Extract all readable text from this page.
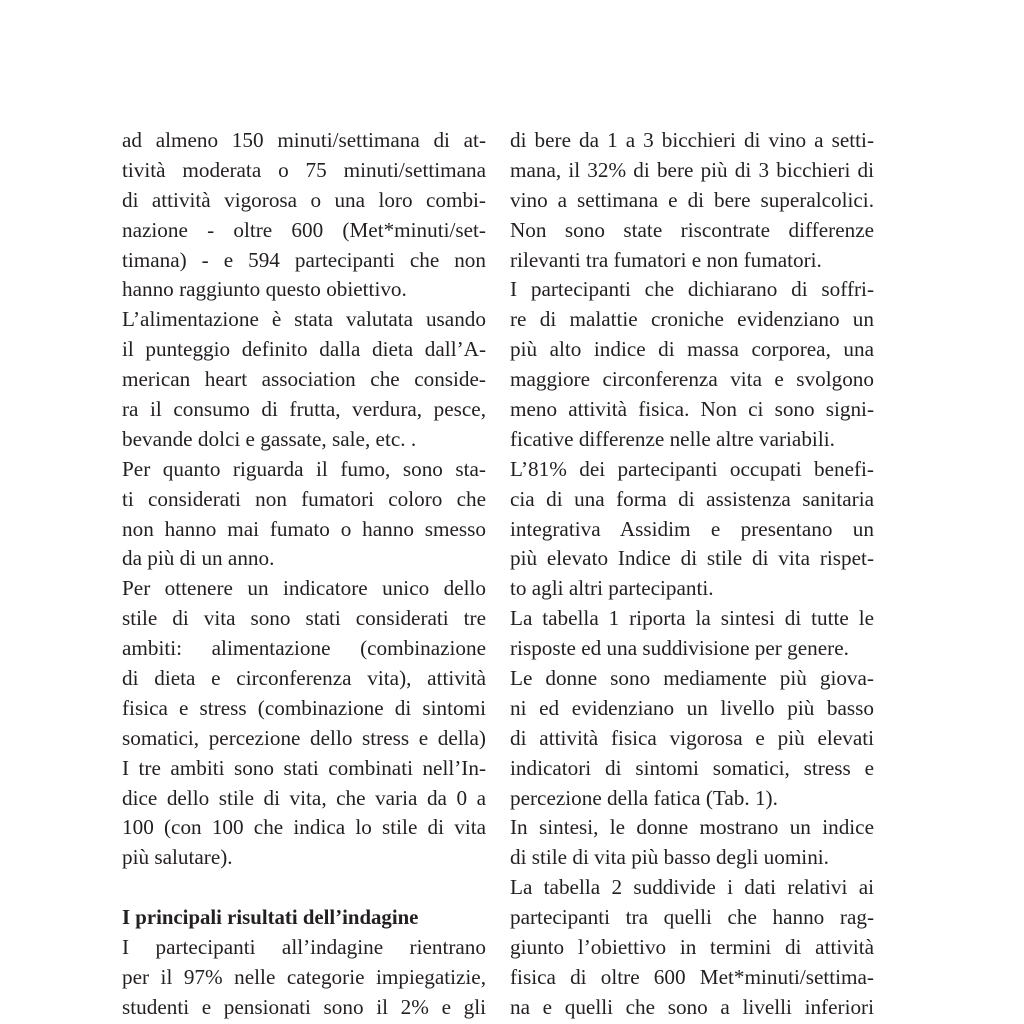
ad almeno 150 minuti/settimana di at-
tività moderata o 75 minuti/settimana
di attività vigorosa o una loro combi-
nazione - oltre 600 (Met*minuti/set-
timana) - e 594 partecipanti che non
hanno raggiunto questo obiettivo.
L’alimentazione è stata valutata usando
il punteggio definito dalla dieta dall’A-
merican heart association che conside-
ra il consumo di frutta, verdura, pesce,
bevande dolci e gassate, sale, etc. .
Per quanto riguarda il fumo, sono sta-
ti considerati non fumatori coloro che
non hanno mai fumato o hanno smesso
da più di un anno.
Per ottenere un indicatore unico dello
stile di vita sono stati considerati tre
ambiti: alimentazione (combinazione
di dieta e circonferenza vita), attività
fisica e stress (combinazione di sintomi
somatici, percezione dello stress e della)
I tre ambiti sono stati combinati nell’In-
dice dello stile di vita, che varia da 0 a
100 (con 100 che indica lo stile di vita
più salutare).
I principali risultati dell’indagine
I partecipanti all’indagine rientrano
per il 97% nelle categorie impiegatizie,
studenti e pensionati sono il 2% e gli
di bere da 1 a 3 bicchieri di vino a setti-
mana, il 32% di bere più di 3 bicchieri di
vino a settimana e di bere superalcolici.
Non sono state riscontrate differenze
rilevanti tra fumatori e non fumatori.
I partecipanti che dichiarano di soffri-
re di malattie croniche evidenziano un
più alto indice di massa corporea, una
maggiore circonferenza vita e svolgono
meno attività fisica. Non ci sono signi-
ficative differenze nelle altre variabili.
L’81% dei partecipanti occupati benefi-
cia di una forma di assistenza sanitaria
integrativa Assidim e presentano un
più elevato Indice di stile di vita rispet-
to agli altri partecipanti.
La tabella 1 riporta la sintesi di tutte le
risposte ed una suddivisione per genere.
Le donne sono mediamente più giova-
ni ed evidenziano un livello più basso
di attività fisica vigorosa e più elevati
indicatori di sintomi somatici, stress e
percezione della fatica (Tab. 1).
In sintesi, le donne mostrano un indice
di stile di vita più basso degli uomini.
La tabella 2 suddivide i dati relativi ai
partecipanti tra quelli che hanno rag-
giunto l’obiettivo in termini di attività
fisica di oltre 600 Met*minuti/settima-
na e quelli che sono a livelli inferiori
